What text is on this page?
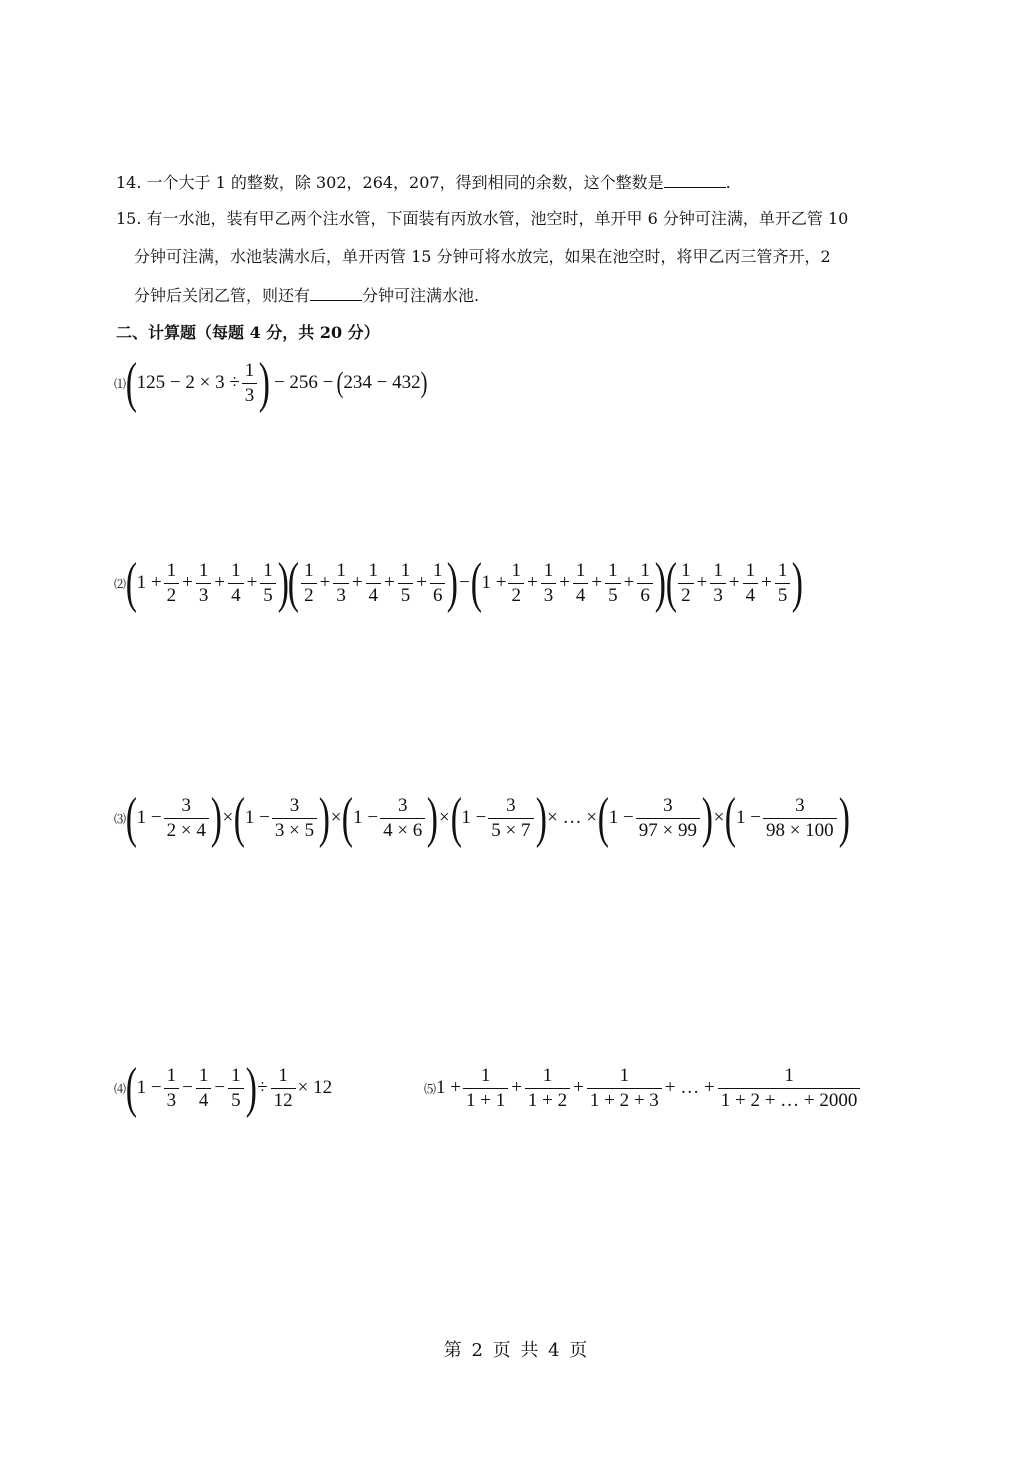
14. 一个大于 1 的整数，除 302，264，207，得到相同的余数，这个整数是	.
15. 有一水池，装有甲乙两个注水管，下面装有丙放水管，池空时，单开甲 6 分钟可注满，单开乙管 10
分钟可注满，水池装满水后，单开丙管 15 分钟可将水放完，如果在池空时，将甲乙丙三管齐开，2
分钟后关闭乙管，则还有	分钟可注满水池.
二、计算题（每题 4 分，共 20 分）
⑴ ( $125 - 2 \times 3 \div \frac{1}{3}$ ) − 256 − ( 234 − 432 )
⑵ ( $1 + \frac{1}{2} + \frac{1}{3} + \frac{1}{4} + \frac{1}{5}$ ) ( $\frac{1}{2} + \frac{1}{3} + \frac{1}{4} + \frac{1}{5} + \frac{1}{6}$ ) − ( $1 + \frac{1}{2} + \frac{1}{3} + \frac{1}{4} + \frac{1}{5} + \frac{1}{6}$ ) ( $\frac{1}{2} + \frac{1}{3} + \frac{1}{4} + \frac{1}{5}$ )
⑶ ( $1 - \frac{3}{2 \times 4}$ ) × ( $1 - \frac{3}{3 \times 5}$ ) × ( $1 - \frac{3}{4 \times 6}$ ) × ( $1 - \frac{3}{5 \times 7}$ ) × … × ( $1 - \frac{3}{97 \times 99}$ ) × ( $1 - \frac{3}{98 \times 100}$ )
⑷ ( $1 - \frac{1}{3} - \frac{1}{4} - \frac{1}{5}$ ) ÷ $\frac{1}{12} \times 12$	⑸ $1 + \frac{1}{1 + 1} + \frac{1}{1 + 2} + \frac{1}{1 + 2 + 3}$ + … + $\frac{1}{1 + 2 + \dots + 2000}$
第 2 页 共 4 页
